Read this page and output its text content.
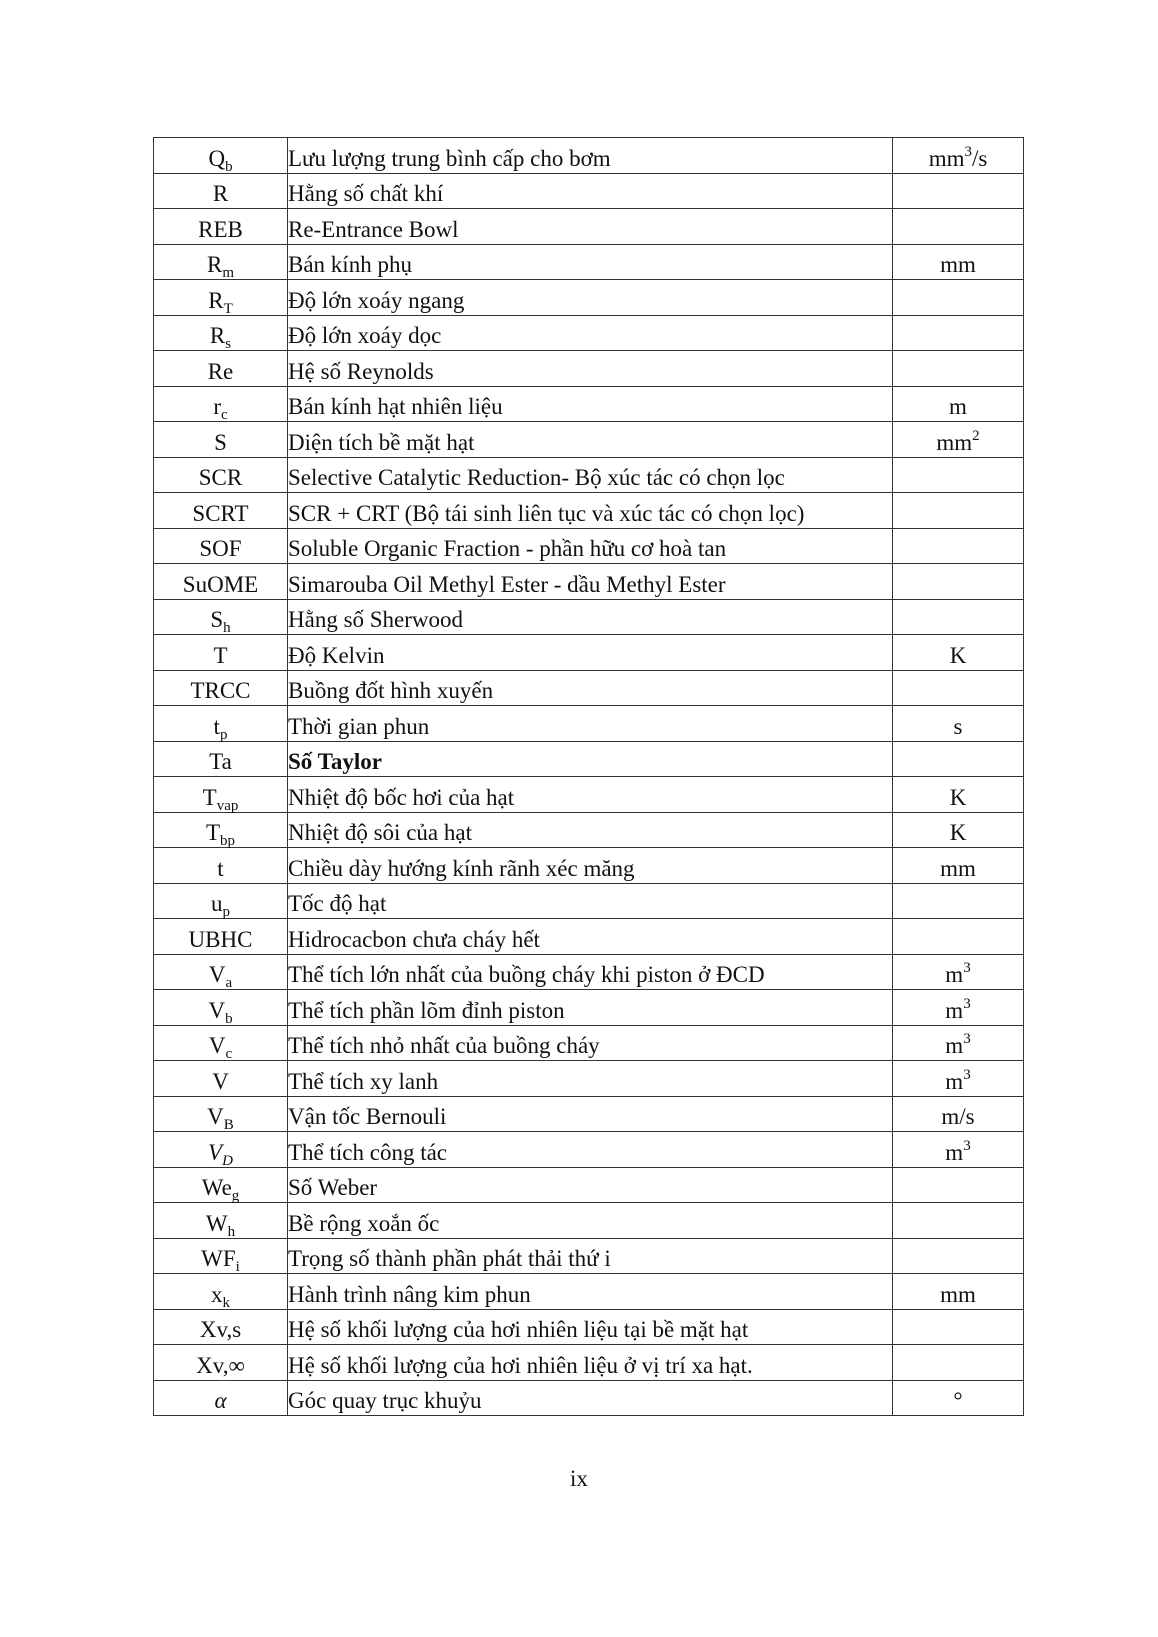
$Q_b$	Lưu lượng trung bình cấp cho bơm	$mm^3/s$
R	Hằng số chất khí	
REB	Re-Entrance Bowl	
$R_m$	Bán kính phụ	mm
$R_T$	Độ lớn xoáy ngang	
$R_s$	Độ lớn xoáy dọc	
Re	Hệ số Reynolds	
$r_c$	Bán kính hạt nhiên liệu	m
S	Diện tích bề mặt hạt	$mm^2$
SCR	Selective Catalytic Reduction- Bộ xúc tác có chọn lọc	
SCRT	SCR + CRT (Bộ tái sinh liên tục và xúc tác có chọn lọc)	
SOF	Soluble Organic Fraction - phần hữu cơ hoà tan	
SuOME	Simarouba Oil Methyl Ester - dầu Methyl Ester	
$S_h$	Hằng số Sherwood	
T	Độ Kelvin	K
TRCC	Buồng đốt hình xuyến	
$t_p$	Thời gian phun	s
Ta	Số Taylor	
$T_{vap}$	Nhiệt độ bốc hơi của hạt	K
$T_{bp}$	Nhiệt độ sôi của hạt	K
t	Chiều dày hướng kính rãnh xéc măng	mm
$u_p$	Tốc độ hạt	
UBHC	Hidrocacbon chưa cháy hết	
$V_a$	Thể tích lớn nhất của buồng cháy khi piston ở ĐCD	$m^3$
$V_b$	Thể tích phần lõm đỉnh piston	$m^3$
$V_c$	Thể tích nhỏ nhất của buồng cháy	$m^3$
V	Thể tích xy lanh	$m^3$
$V_B$	Vận tốc Bernouli	m/s
$V_D$	Thể tích công tác	$m^3$
$We_g$	Số Weber	
$W_h$	Bề rộng xoắn ốc	
$WF_i$	Trọng số thành phần phát thải thứ i	
$x_k$	Hành trình nâng kim phun	mm
Xv,s	Hệ số khối lượng của hơi nhiên liệu tại bề mặt hạt	
Xv,∞	Hệ số khối lượng của hơi nhiên liệu ở vị trí xa hạt.	
α	Góc quay trục khuỷu	°
ix
